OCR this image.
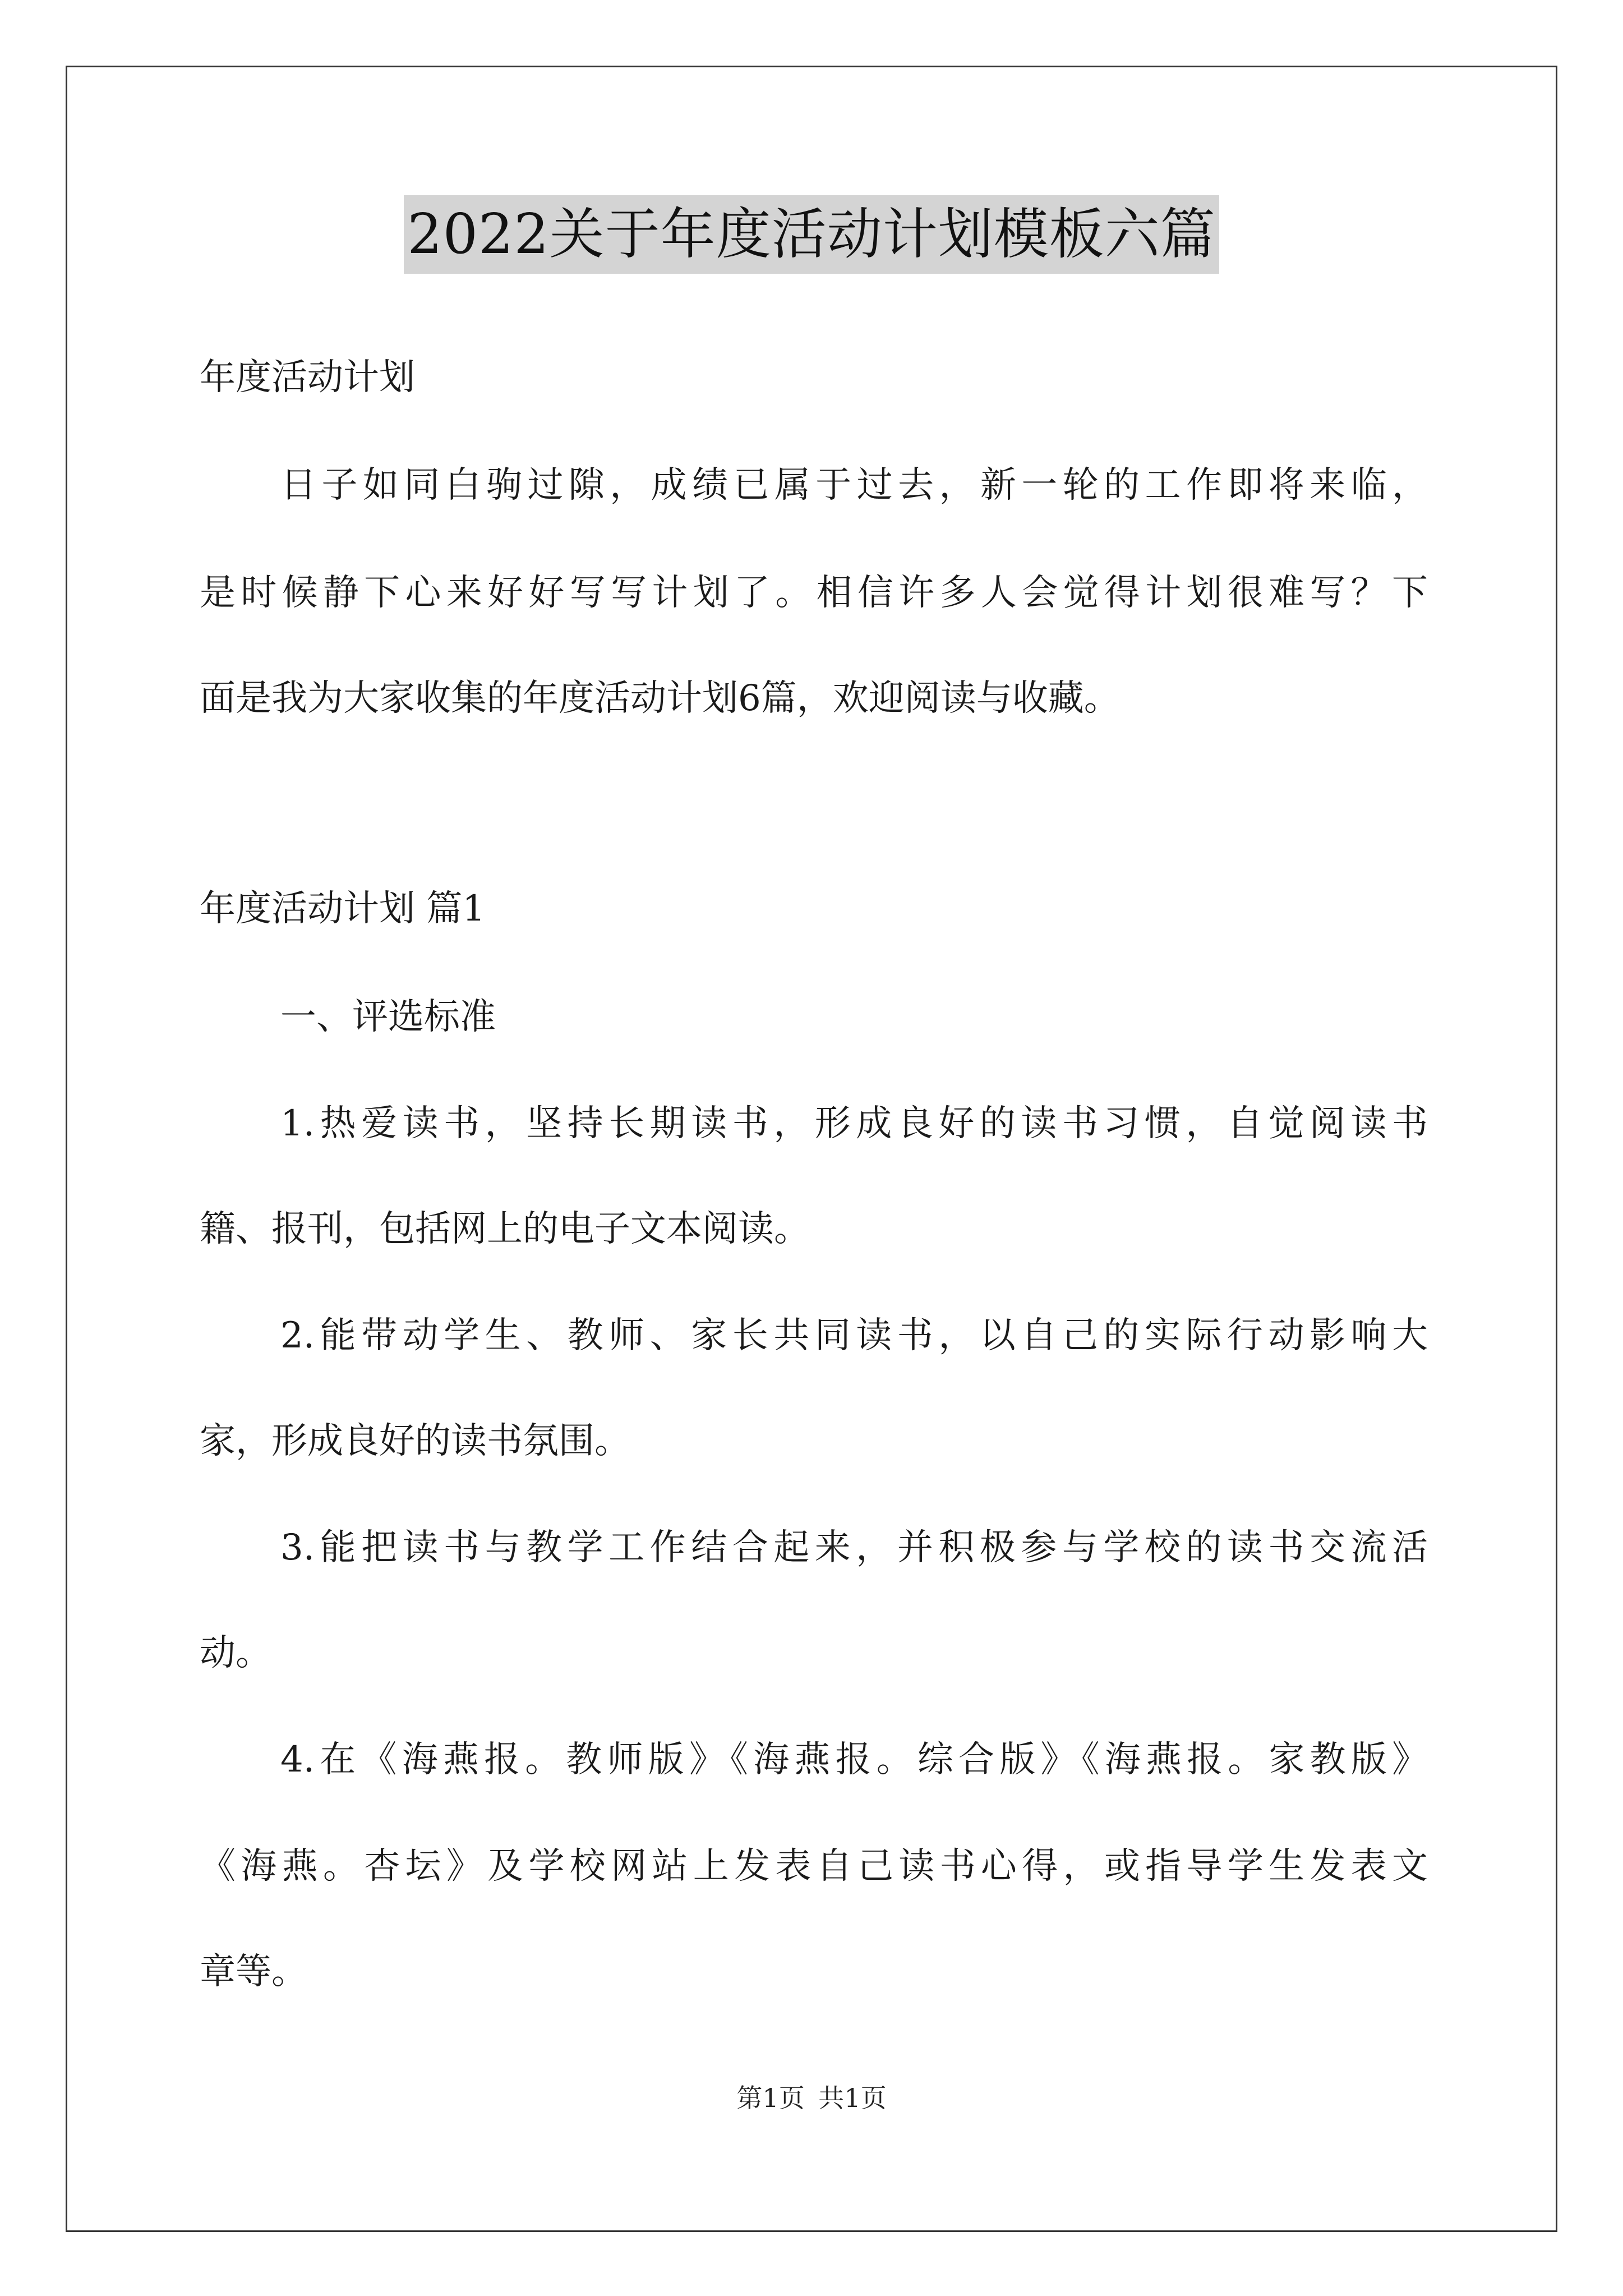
2022关于年度活动计划模板六篇
年度活动计划
日子如同白驹过隙，成绩已属于过去，新一轮的工作即将来临，
是时候静下心来好好写写计划了。相信许多人会觉得计划很难写？下
面是我为大家收集的年度活动计划6篇，欢迎阅读与收藏。
年度活动计划 篇1
一、评选标准
1.热爱读书，坚持长期读书，形成良好的读书习惯，自觉阅读书
籍、报刊，包括网上的电子文本阅读。
2.能带动学生、教师、家长共同读书，以自己的实际行动影响大
家，形成良好的读书氛围。
3.能把读书与教学工作结合起来，并积极参与学校的读书交流活
动。
4.在《海燕报。教师版》《海燕报。综合版》《海燕报。家教版》
《海燕。杏坛》及学校网站上发表自己读书心得，或指导学生发表文
章等。
第1页 共1页
